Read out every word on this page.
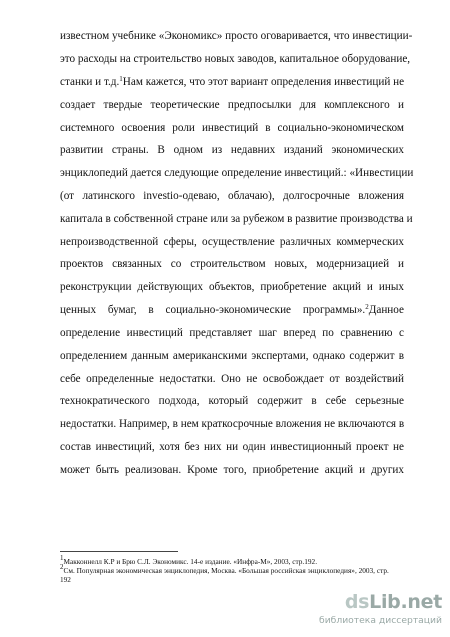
известном учебнике «Экономикс» просто оговаривается, что инвестиции-
это расходы на строительство новых заводов, капитальное оборудование,
станки и т.д.$^1$Нам кажется, что этот вариант определения инвестиций не
создает твердые теоретические предпосылки для комплексного и
системного освоения роли инвестиций в социально-экономическом
развитии страны. В одном из недавних изданий экономических
энциклопедий дается следующие определение инвестиций.: «Инвестиции
(от латинского investio-одеваю, облачаю), долгосрочные вложения
капитала в собственной стране или за рубежом в развитие производства и
непроизводственной сферы, осуществление различных коммерческих
проектов связанных со строительством новых, модернизацией и
реконструкции действующих объектов, приобретение акций и иных
ценных бумаг, в социально-экономические программы».$^2$Данное
определение инвестиций представляет шаг вперед по сравнению с
определением данным американскими экспертами, однако содержит в
себе определенные недостатки. Оно не освобождает от воздействий
технократического подхода, который содержит в себе серьезные
недостатки. Например, в нем краткосрочные вложения не включаются в
состав инвестиций, хотя без них ни один инвестиционный проект не
может быть реализован. Кроме того, приобретение акций и других
1Макконнелл К.Р и Брю С.Л. Экономикс. 14-е издание. «Инфра-М», 2003, стр.192.
2См. Популярная экономическая энциклопедия, Москва. «Большая российская энциклопедия», 2003, стр.
192
dsLib.net
библиотека диссертаций
